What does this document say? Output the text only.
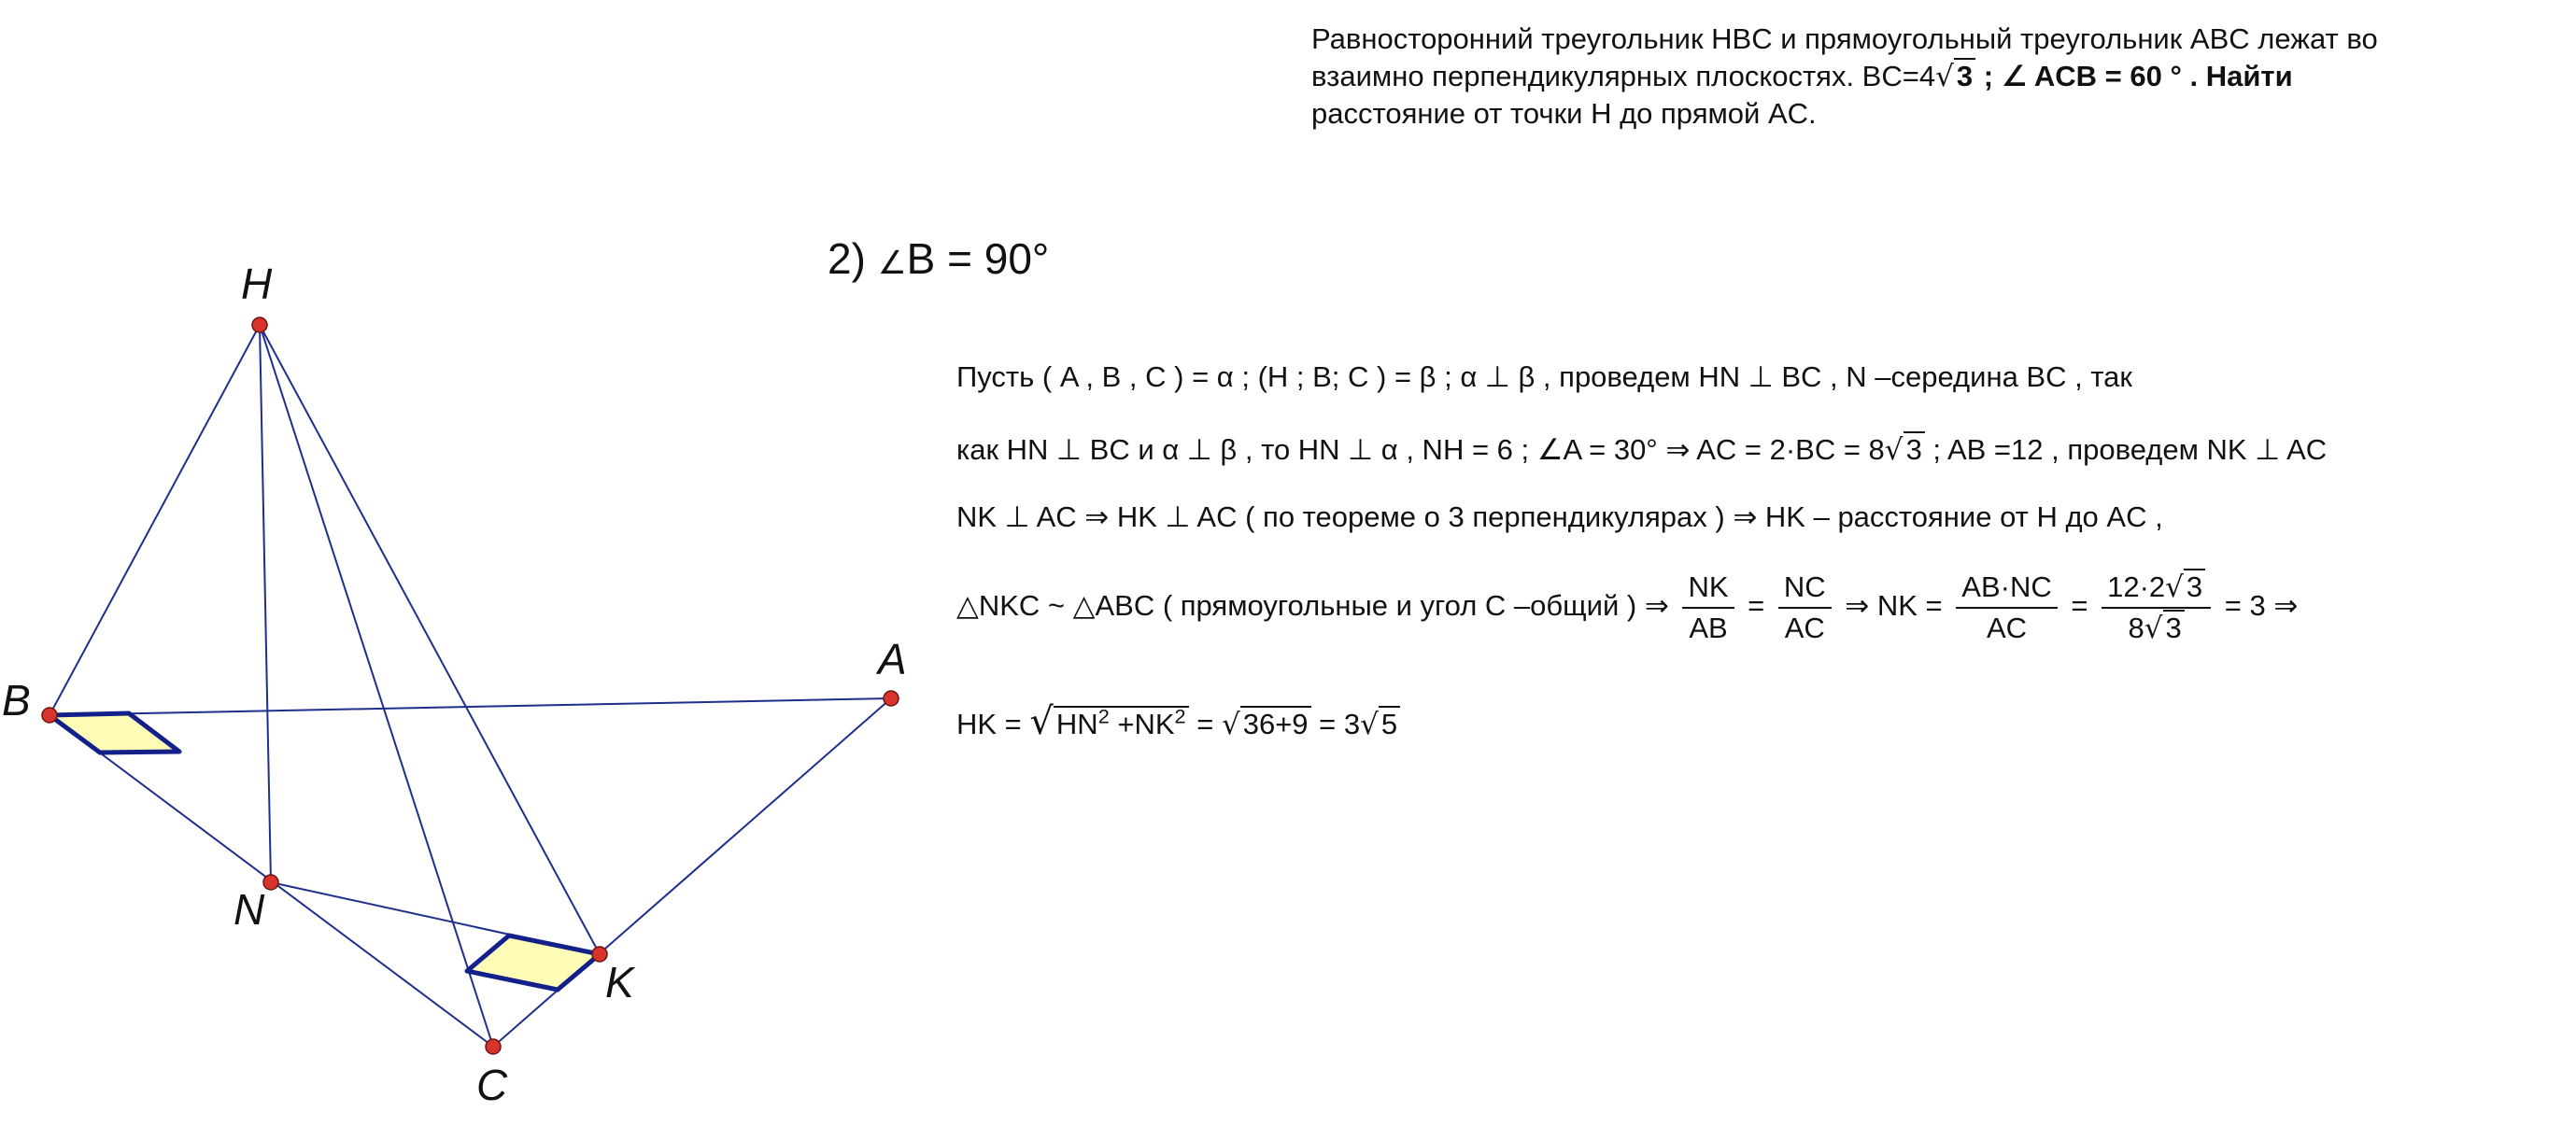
H
B
A
N
K
C
Равносторонний треугольник HBC и прямоугольный треугольник ABC лежат во
взаимно перпендикулярных плоскостях. BC=4√3 ; ∠ ACB = 60 ° . Найти
расстояние от точки H до прямой AC.
2) ∠B = 90°
Пусть ( A , B , C ) = α ; (H ; B; C ) = β ; α ⊥ β , проведем HN ⊥ BC , N –середина BC , так
как HN ⊥ BC и α ⊥ β , то HN ⊥ α , NH = 6 ; ∠A = 30° ⇒ AC = 2·BC = 8√3 ; AB =12 , проведем NK ⊥ AC
NK ⊥ AC ⇒ HK ⊥ AC ( по теореме о 3 перпендикулярах ) ⇒ HK – расстояние от H до AC ,
△NKC ~ △ABC ( прямоугольные и угол C –общий ) ⇒ $\frac{NK}{AB} = \frac{NC}{AC}$ ⇒ NK = $\frac{AB\cdot NC}{AC} = \frac{12\cdot 2√3}{8√3} = 3$ ⇒
HK = $√HN^2 +NK^2 = √36+9 = 3√5$
